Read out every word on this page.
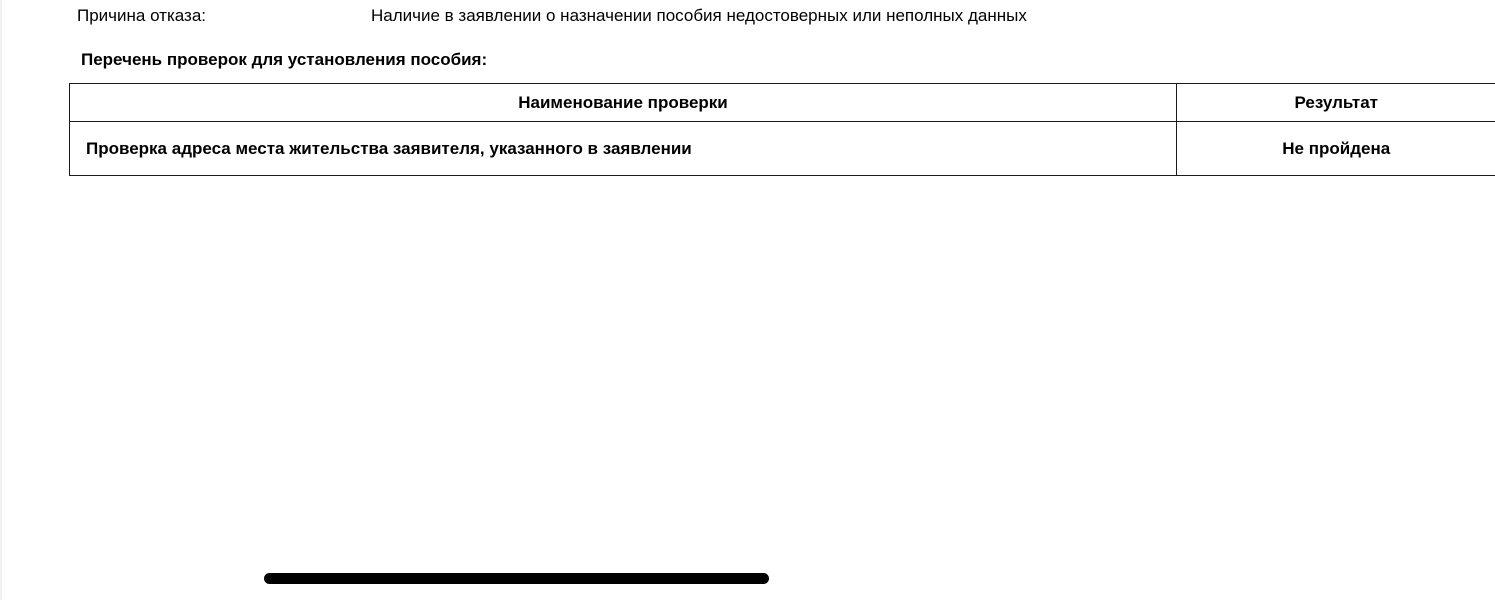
Причина отказа:	Наличие в заявлении о назначении пособия недостоверных или неполных данных
Перечень проверок для установления пособия:
Наименование проверки	Результат
Проверка адреса места жительства заявителя, указанного в заявлении	Не пройдена
